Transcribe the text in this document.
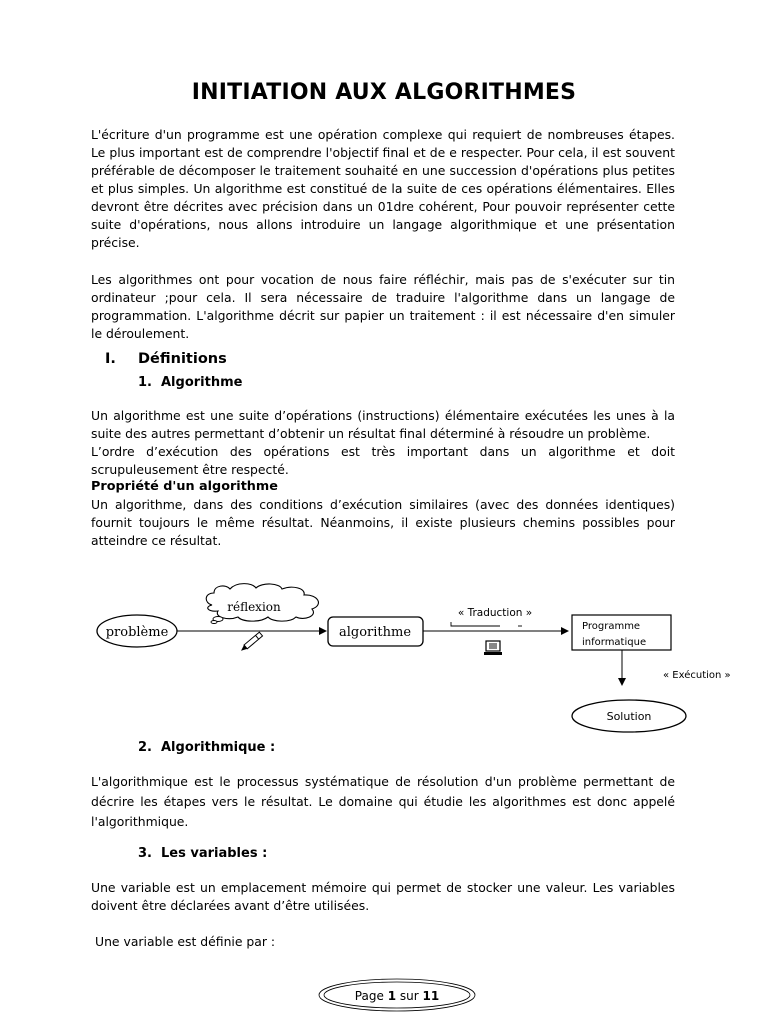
INITIATION AUX ALGORITHMES

L'écriture d'un programme est une opération complexe qui requiert de nombreuses étapes. Le plus important est de comprendre l'objectif final et de e respecter. Pour cela, il est souvent préférable de décomposer le traitement souhaité en une succession d'opérations plus petites et plus simples. Un algorithme est constitué de la suite de ces opérations élémentaires. Elles devront être décrites avec précision dans un 01dre cohérent, Pour pouvoir représenter cette suite d'opérations, nous allons introduire un langage algorithmique et une présentation précise.

Les algorithmes ont pour vocation de nous faire réfléchir, mais pas de s'exécuter sur tin ordinateur ;pour cela. Il sera nécessaire de traduire l'algorithme dans un langage de programmation. L'algorithme décrit sur papier un traitement : il est nécessaire d'en simuler le déroulement.

I. Définitions
1. Algorithme

Un algorithme est une suite d’opérations (instructions) élémentaire exécutées les unes à la suite des autres permettant d’obtenir un résultat final déterminé à résoudre un problème.

L’ordre d’exécution des opérations est très important dans un algorithme et doit scrupuleusement être respecté.

Propriété d'un algorithme

Un algorithme, dans des conditions d’exécution similaires (avec des données identiques) fournit toujours le même résultat. Néanmoins, il existe plusieurs chemins possibles pour atteindre ce résultat.

problème
réflexion
algorithme
« Traduction »
Programme
informatique
« Exécution »
Solution
2. Algorithmique :

L'algorithmique est le processus systématique de résolution d'un problème permettant de décrire les étapes vers le résultat. Le domaine qui étudie les algorithmes est donc appelé l'algorithmique.

3. Les variables :

Une variable est un emplacement mémoire qui permet de stocker une valeur. Les variables doivent être déclarées avant d’être utilisées.

Une variable est définie par :

Page 1 sur 11
